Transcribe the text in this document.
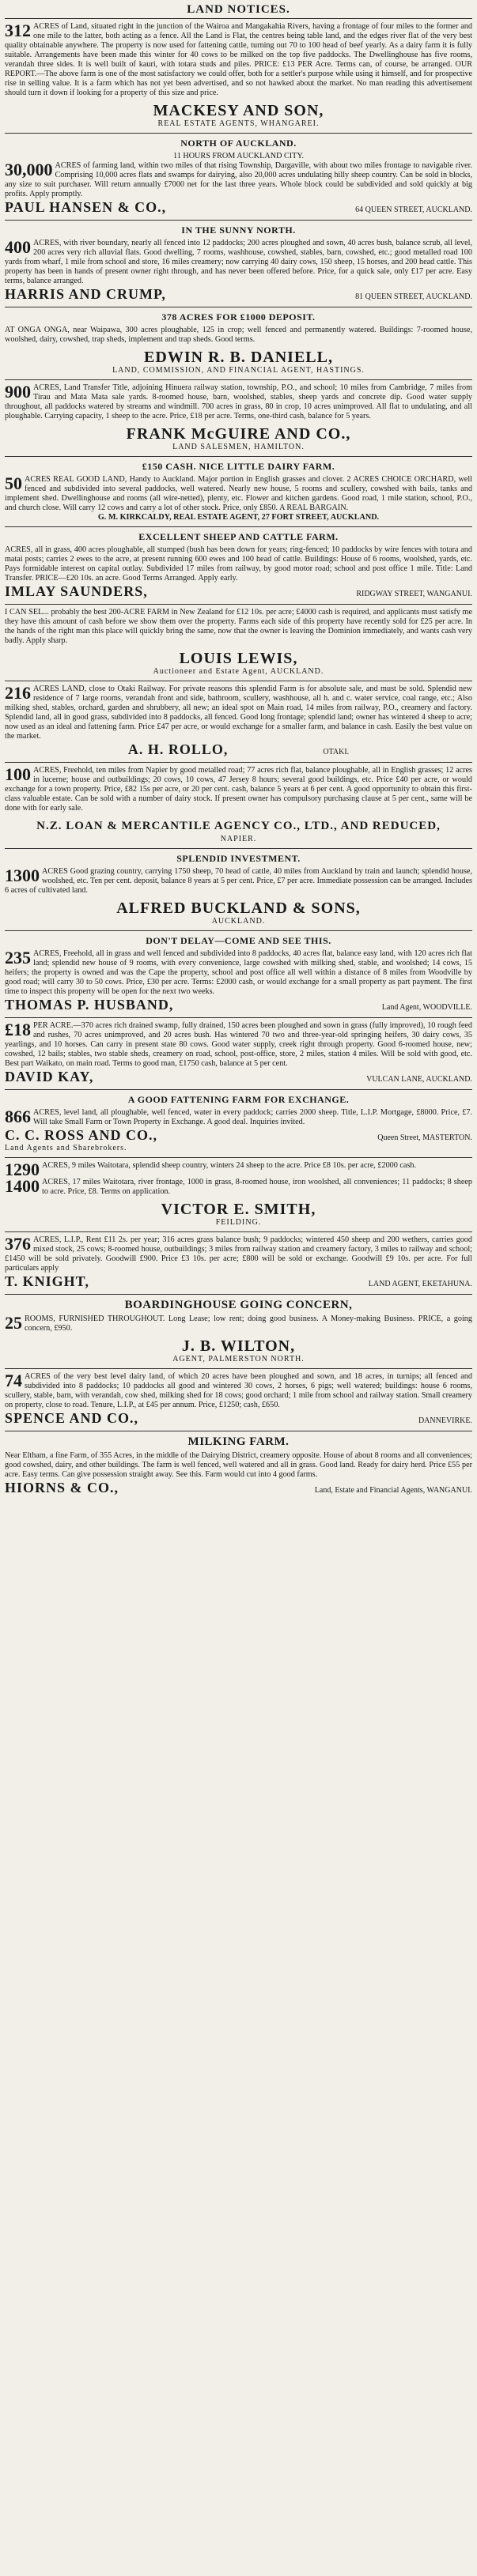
LAND NOTICES.
312 ACRES of Land, situated right in the junction of the Wairoa and Mangakahia Rivers, having a frontage of four miles to the former and one mile to the latter, both acting as a fence. All the Land is Flat, the centres being table land, and the edges river flat of the very best quality obtainable anywhere. The property is now used for fattening cattle, turning out 70 to 100 head of beef yearly. As a dairy farm it is fully suitable. Arrangements have been made this winter for 40 cows to be milked on the top five paddocks. The Dwellinghouse has five rooms, verandah three sides. It is well built of kauri, with totara studs and piles. PRICE: £13 PER Acre. Terms can, of course, be arranged. OUR REPORT.—The above farm is one of the most satisfactory we could offer, both for a settler's purpose while using it himself, and for prospective rise in selling value. It is a farm which has not yet been advertised, and so not hawked about the market. No man reading this advertisement should turn it down if looking for a property of this size and price.
MACKESY AND SON,
REAL ESTATE AGENTS, WHANGAREI.
NORTH OF AUCKLAND.
11 HOURS FROM AUCKLAND CITY.
30,000 ACRES of farming land, within two miles of that rising Township, Dargaville, with about two miles frontage to navigable river. Comprising 10,000 acres flats and swamps for dairying, also 20,000 acres undulating hilly sheep country. Can be sold in blocks, any size to suit purchaser. Will return annually £7000 net for the last three years. Whole block could be subdivided and sold quickly at big profits. Apply promptly.
PAUL HANSEN & CO.,	64 QUEEN STREET, AUCKLAND.
IN THE SUNNY NORTH.
400 ACRES, with river boundary, nearly all fenced into 12 paddocks; 200 acres ploughed and sown, 40 acres bush, balance scrub, all level, 200 acres very rich alluvial flats. Good dwelling, 7 rooms, washhouse, cowshed, stables, barn, cowshed, etc.; good metalled road 100 yards from wharf, 1 mile from school and store, 16 miles creamery; now carrying 40 dairy cows, 150 sheep, 15 horses, and 200 head cattle. This property has been in hands of present owner right through, and has never been offered before. Price, for a quick sale, only £17 per acre. Easy terms, balance arranged.
HARRIS AND CRUMP,	81 QUEEN STREET, AUCKLAND.
378 ACRES FOR £1000 DEPOSIT.
AT ONGA ONGA, near Waipawa, 300 acres ploughable, 125 in crop; well fenced and permanently watered. Buildings: 7-roomed house, woolshed, dairy, cowshed, trap sheds, implement and trap sheds. Good terms.
EDWIN R. B. DANIELL,
LAND, COMMISSION, AND FINANCIAL AGENT, HASTINGS.
900 ACRES, Land Transfer Title, adjoining Hinuera railway station, township, P.O., and school; 10 miles from Cambridge, 7 miles from Tirau and Mata Mata sale yards. 8-roomed house, barn, woolshed, stables, sheep yards and concrete dip. Good water supply throughout, all paddocks watered by streams and windmill. 700 acres in grass, 80 in crop, 10 acres unimproved. All flat to undulating, and all ploughable. Carrying capacity, 1 sheep to the acre. Price, £18 per acre. Terms, one-third cash, balance for 5 years.
FRANK McGUIRE AND CO.,
LAND SALESMEN, HAMILTON.
£150 CASH. NICE LITTLE DAIRY FARM.
50 ACRES REAL GOOD LAND, Handy to Auckland. Major portion in English grasses and clover. 2 ACRES CHOICE ORCHARD, well fenced and subdivided into several paddocks, well watered. Nearly new house, 5 rooms and scullery, cowshed with bails, tanks and implement shed. Dwellinghouse and rooms (all wire-netted), plenty, etc. Flower and kitchen gardens. Good road, 1 mile station, school, P.O., and church close. Will carry 12 cows and carry a lot of other stock. Price, only £850. A REAL BARGAIN.
G. M. KIRKCALDY, REAL ESTATE AGENT, 27 FORT STREET, AUCKLAND.
EXCELLENT SHEEP AND CATTLE FARM.
ACRES, all in grass, 400 acres ploughable, all stumped (bush has been down for years; ring-fenced; 10 paddocks by wire fences with totara and matai posts; carries 2 ewes to the acre, at present running 600 ewes and 100 head of cattle. Buildings: House of 6 rooms, woolshed, yards, etc. Pays formidable interest on capital outlay. Subdivided 17 miles from railway, by good motor road; school and post office 1 mile. Title: Land Transfer. PRICE—£20 10s. an acre. Good Terms Arranged. Apply early.
IMLAY SAUNDERS,	RIDGWAY STREET, WANGANUI.
I CAN SEL... probably the best 200-ACRE FARM in New Zealand for £12 10s. per acre; £4000 cash is required, and applicants must satisfy me they have this amount of cash before we show them over the property. Farms each side of this property have recently sold for £25 per acre. In the hands of the right man this place will quickly bring the same, now that the owner is leaving the Dominion immediately, and wants cash very badly. Apply sharp.
LOUIS LEWIS,
Auctioneer and Estate Agent, AUCKLAND.
216 ACRES LAND, close to Otaki Railway. For private reasons this splendid Farm is for absolute sale, and must be sold. Splendid new residence of 7 large rooms, verandah front and side, bathroom, scullery, washhouse, all h. and c. water service, coal range, etc.; Also milking shed, stables, orchard, garden and shrubbery, all new; an ideal spot on Main road, 14 miles from railway, P.O., creamery and factory. Splendid land, all in good grass, subdivided into 8 paddocks, all fenced. Good long frontage; splendid land; owner has wintered 4 sheep to acre; now used as an ideal and fattening farm. Price £47 per acre, or would exchange for a smaller farm, and balance in cash. Easily the best value on the market.
A. H. ROLLO,	OTAKI.
100 ACRES, Freehold, ten miles from Napier by good metalled road; 77 acres rich flat, balance ploughable, all in English grasses; 12 acres in lucerne; house and outbuildings; 20 cows, 10 cows, 47 Jersey 8 hours; several good buildings, etc. Price £40 per acre, or would exchange for a town property. Price, £82 15s per acre, or 20 per cent. cash, balance 5 years at 6 per cent. A good opportunity to obtain this first-class valuable estate. Can be sold with a number of dairy stock. If present owner has compulsory purchasing clause at 5 per cent., same will be done with for early sale.
N.Z. LOAN & MERCANTILE AGENCY CO., LTD., AND REDUCED,
NAPIER.
SPLENDID INVESTMENT.
1300 ACRES Good grazing country, carrying 1750 sheep, 70 head of cattle, 40 miles from Auckland by train and launch; splendid house, woolshed, etc. Ten per cent. deposit, balance 8 years at 5 per cent. Price, £7 per acre. Immediate possession can be arranged. Includes 6 acres of cultivated land.
ALFRED BUCKLAND & SONS,
AUCKLAND.
DON'T DELAY—COME AND SEE THIS.
235 ACRES, Freehold, all in grass and well fenced and subdivided into 8 paddocks, 40 acres flat, balance easy land, with 120 acres rich flat land; splendid new house of 9 rooms, with every convenience, large cowshed with milking shed, stable, and woolshed; 14 cows, 15 heifers; the property is owned and was the Cape the property, school and post office all well within a distance of 8 miles from Woodville by good road; will carry 30 to 50 cows. Price, £30 per acre. Terms: £2000 cash, or would exchange for a small property as part payment. The first time to inspect this property will be open for the next two weeks.
THOMAS P. HUSBAND,	Land Agent, WOODVILLE.
£18 PER ACRE.—370 acres rich drained swamp, fully drained, 150 acres been ploughed and sown in grass (fully improved), 10 rough feed and rushes, 70 acres unimproved, and 20 acres bush. Has wintered 70 two and three-year-old springing heifers, 30 dairy cows, 35 yearlings, and 10 horses. Can carry in present state 80 cows. Good water supply, creek right through property. Good 6-roomed house, new; cowshed, 12 bails; stables, two stable sheds, creamery on road, school, post-office, store, 2 miles, station 4 miles. Will be sold with good, etc. Best part Waikato, on main road. Terms to good man, £1750 cash, balance at 5 per cent.
DAVID KAY,	VULCAN LANE, AUCKLAND.
A GOOD FATTENING FARM FOR EXCHANGE.
866 ACRES, level land, all ploughable, well fenced, water in every paddock; carries 2000 sheep. Title, L.I.P. Mortgage, £8000. Price, £7. Will take Small Farm or Town Property in Exchange. A good deal. Inquiries invited.
C. C. ROSS AND CO.,	Queen Street, MASTERTON.
Land Agents and Sharebrokers.
1290 ACRES, 9 miles Waitotara, splendid sheep country, winters 24 sheep to the acre. Price £8 10s. per acre, £2000 cash.
1400 ACRES, 17 miles Waitotara, river frontage, 1000 in grass, 8-roomed house, iron woolshed, all conveniences; 11 paddocks; 8 sheep to acre. Price, £8. Terms on application.
VICTOR E. SMITH,
FEILDING.
376 ACRES, L.I.P., Rent £11 2s. per year; 316 acres grass balance bush; 9 paddocks; wintered 450 sheep and 200 wethers, carries good mixed stock, 25 cows; 8-roomed house, outbuildings; 3 miles from railway station and creamery factory, 3 miles to railway and school; £1450 will be sold privately. Goodwill £900. Price £3 10s. per acre; £800 will be sold or exchange. Goodwill £9 10s. per acre. For full particulars apply
T. KNIGHT,	LAND AGENT, EKETAHUNA.
BOARDINGHOUSE GOING CONCERN,
25 ROOMS, FURNISHED THROUGHOUT. Long Lease; low rent; doing good business. A Money-making Business. PRICE, a going concern, £950.
J. B. WILTON,
AGENT, PALMERSTON NORTH.
74 ACRES of the very best level dairy land, of which 20 acres have been ploughed and sown, and 18 acres, in turnips; all fenced and subdivided into 8 paddocks; 10 paddocks all good and wintered 30 cows, 2 horses, 6 pigs; well watered; buildings: house 6 rooms, scullery, stable, barn, with verandah, cow shed, milking shed for 18 cows; good orchard; 1 mile from school and railway station. Small creamery on property, close to road. Tenure, L.I.P., at £45 per annum. Price, £1250; cash, £650.
SPENCE AND CO.,	DANNEVIRKE.
MILKING FARM.
Near Eltham, a fine Farm, of 355 Acres, in the middle of the Dairying District, creamery opposite. House of about 8 rooms and all conveniences; good cowshed, dairy, and other buildings. The farm is well fenced, well watered and all in grass. Good land. Ready for dairy herd. Price £55 per acre. Easy terms. Can give possession straight away. See this. Farm would cut into 4 good farms.
HIORNS & CO.,	Land, Estate and Financial Agents, WANGANUI.
